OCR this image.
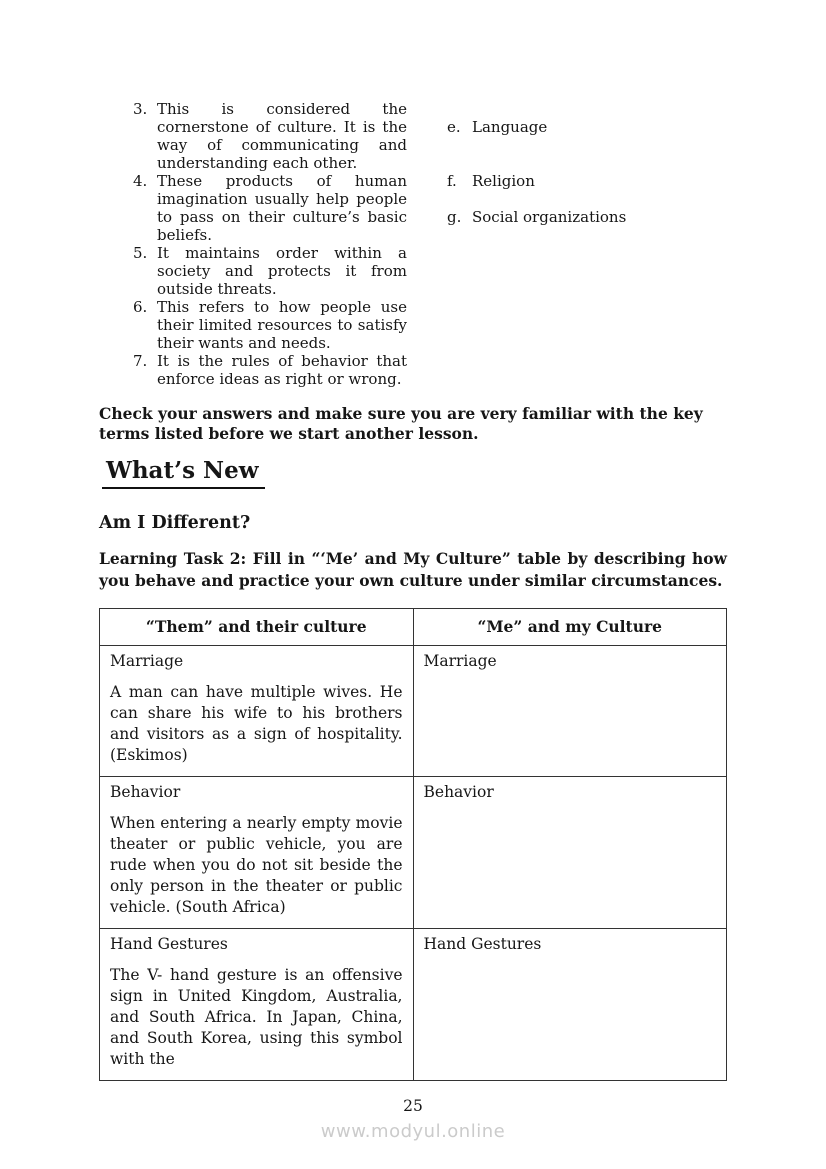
3. This is considered the cornerstone of culture. It is the way of communicating and understanding each other.
4. These products of human imagination usually help people to pass on their culture’s basic beliefs.
5. It maintains order within a society and protects it from outside threats.
6. This refers to how people use their limited resources to satisfy their wants and needs.
7. It is the rules of behavior that enforce ideas as right or wrong.
e. Language
f.	Religion
g. Social organizations

Check your answers and make sure you are very familiar with the key terms listed before we start another lesson.

What’s New
Am I Different?

Learning Task 2: Fill in “‘Me’ and My Culture” table by describing how you behave and practice your own culture under similar circumstances.

“Them” and their culture	“Me” and my Culture

Marriage

A man can have multiple wives. He can share his wife to his brothers and visitors as a sign of hospitality. (Eskimos)	Marriage

Behavior

When entering a nearly empty movie theater or public vehicle, you are rude when you do not sit beside the only person in the theater or public vehicle. (South Africa)	Behavior

Hand Gestures

The V- hand gesture is an offensive sign in United Kingdom, Australia, and South Africa. In Japan, China, and South Korea, using this symbol with the	Hand Gestures
25
www.modyul.online
